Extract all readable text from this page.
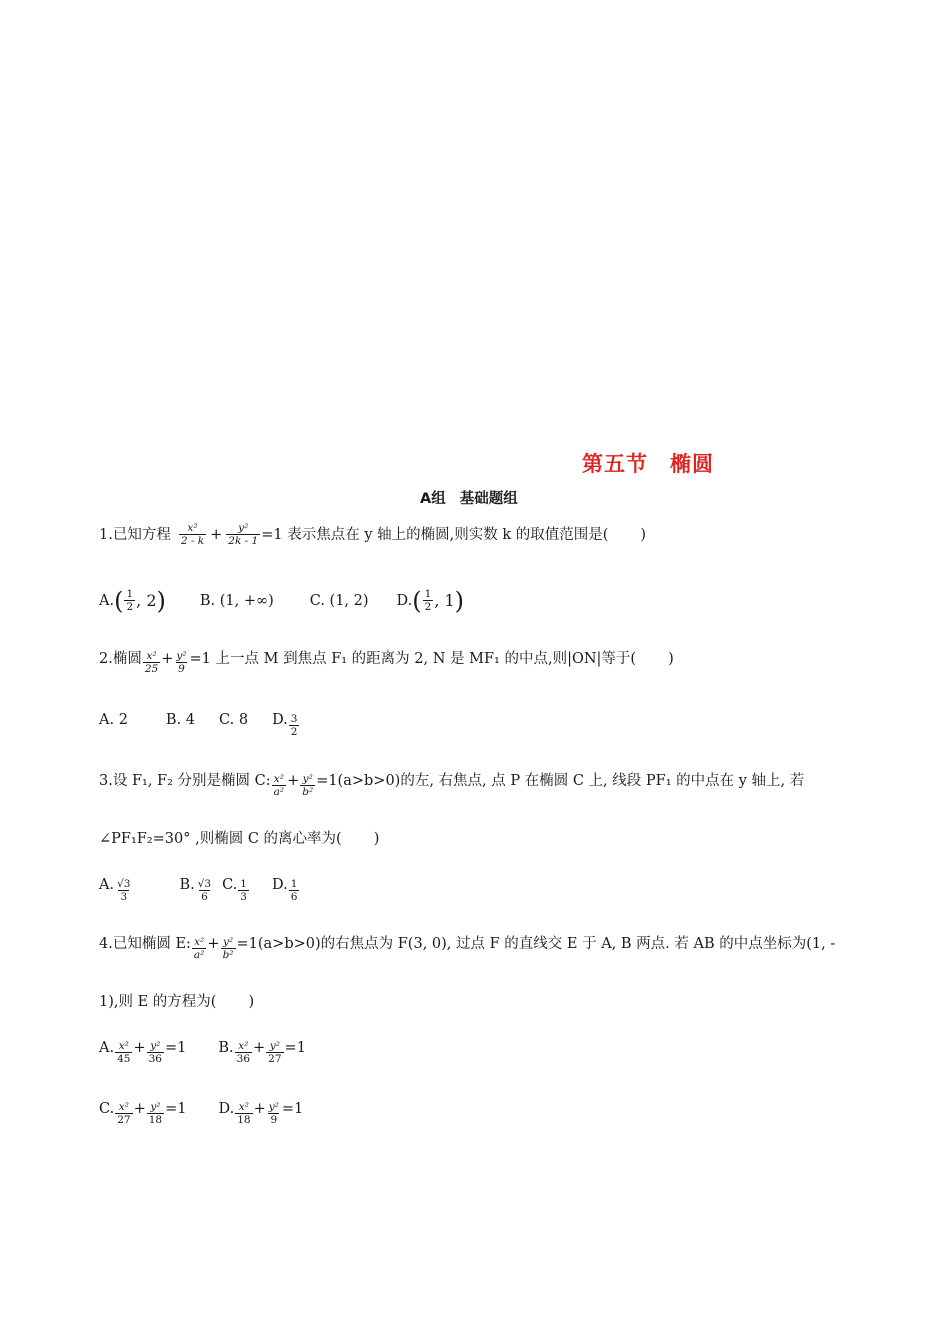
第五节 椭圆
A组 基础题组
1.已知方程 $\frac{\text{x²}}{2 - k} + \frac{\text{y²}}{2k - 1} =1$ 表示焦点在 y 轴上的椭圆,则实数 k 的取值范围是( )
A. ( $\frac{1}{2}$ , 2 ) B. (1, +∞) C. (1, 2) D. ( $\frac{1}{2}$ , 1 )
2.椭圆 $\frac{\text{x²}}{25} + \frac{\text{y²}}{9} =1$ 上一点 M 到焦点 F₁ 的距离为 2, N 是 MF₁ 的中点,则|ON|等于( )
A. 2	B. 4 C. 8 D. $\frac{3}{2}$
3.设 F₁, F₂ 分别是椭圆 C: $\frac{\text{x²}}{\text{a²}} + \frac{\text{y²}}{\text{b²}} =1(a>b>0)$的左, 右焦点, 点 P 在椭圆 C 上, 线段 PF₁ 的中点在 y 轴上, 若
∠PF₁F₂=30° ,则椭圆 C 的离心率为( )
A. $\frac{√3}{3}$	B. $\frac{√3}{6} C$. $\frac{1}{3} D$. $\frac{1}{6}$
4.已知椭圆 E: $\frac{\text{x²}}{\text{a²}} + \frac{\text{y²}}{\text{b²}} =1(a>b>0)$的右焦点为 F(3, 0), 过点 F 的直线交 E 于 A, B 两点. 若 AB 的中点坐标为(1, -
1),则 E 的方程为( )
A. $\frac{\text{x²}}{45} + \frac{\text{y²}}{36} =1$ B. $\frac{\text{x²}}{36} + \frac{\text{y²}}{27} =1$
C. $\frac{\text{x²}}{27} + \frac{\text{y²}}{18} =1$ D. $\frac{\text{x²}}{18} + \frac{\text{y²}}{9} =1$
